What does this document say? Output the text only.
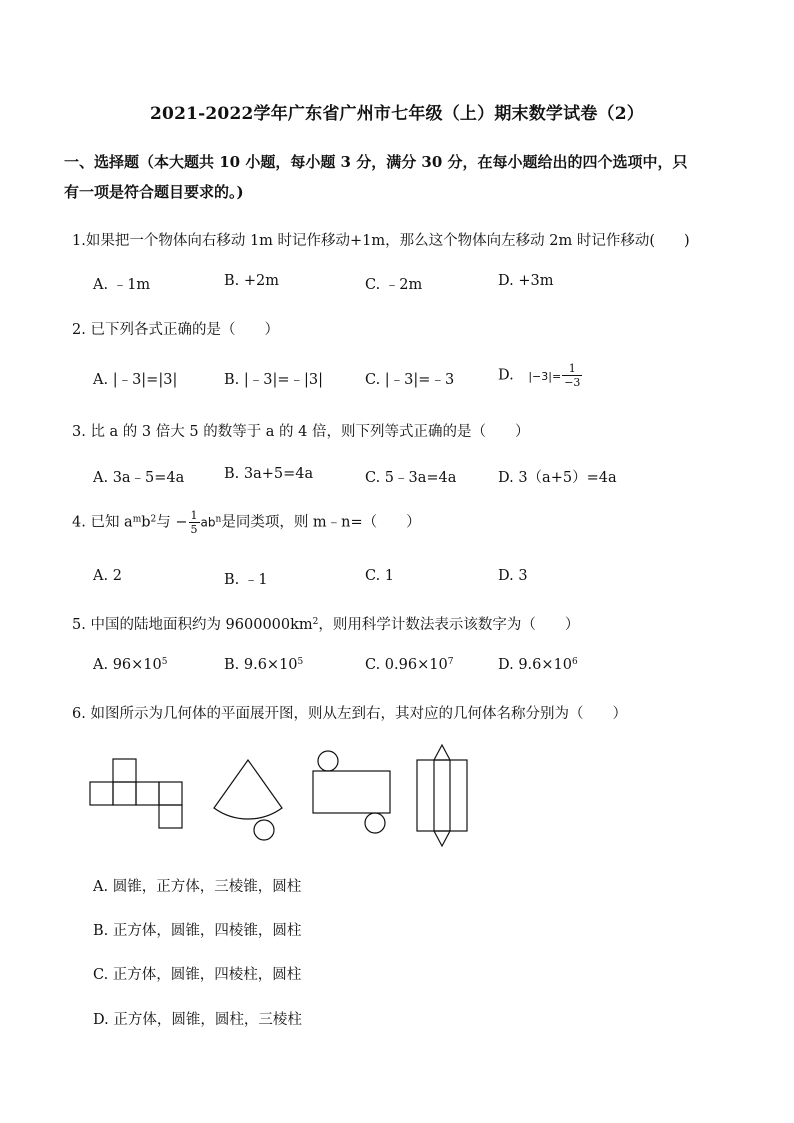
2021-2022学年广东省广州市七年级（上）期末数学试卷（2）
一、选择题（本大题共 10 小题，每小题 3 分，满分 30 分，在每小题给出的四个选项中，只
有一项是符合题目要求的。)
1.如果把一个物体向右移动 1m 时记作移动+1m，那么这个物体向左移动 2m 时记作移动(　　)
A. ﹣1m	B. +2m	C. ﹣2m	D. +3m
2. 已下列各式正确的是（　　）
A. |﹣3|=|3|	B. |﹣3|=﹣|3|	C. |﹣3|=﹣3	D. $|-3|= \frac{1}{-3}$
3. 比 a 的 3 倍大 5 的数等于 a 的 4 倍，则下列等式正确的是（　　）
A. 3a﹣5=4a	B. 3a+5=4a	C. 5﹣3a=4a	D. 3（a+5）=4a
4. 已知 $a^mb^2$与 − $\frac{1}{5} ab^n$是同类项，则 m﹣n=（　　）
A. 2	B. ﹣1	C. 1	D. 3
5. 中国的陆地面积约为 $9600000km^2$，则用科学计数法表示该数字为（　　）
A. $96\times 10^5$	B. $9.6\times 10^5$	C. $0.96\times 10^7$	D. $9.6\times 10^6$
6. 如图所示为几何体的平面展开图，则从左到右，其对应的几何体名称分别为（　　）
A. 圆锥，正方体，三棱锥，圆柱
B. 正方体，圆锥，四棱锥，圆柱
C. 正方体，圆锥，四棱柱，圆柱
D. 正方体，圆锥，圆柱，三棱柱
